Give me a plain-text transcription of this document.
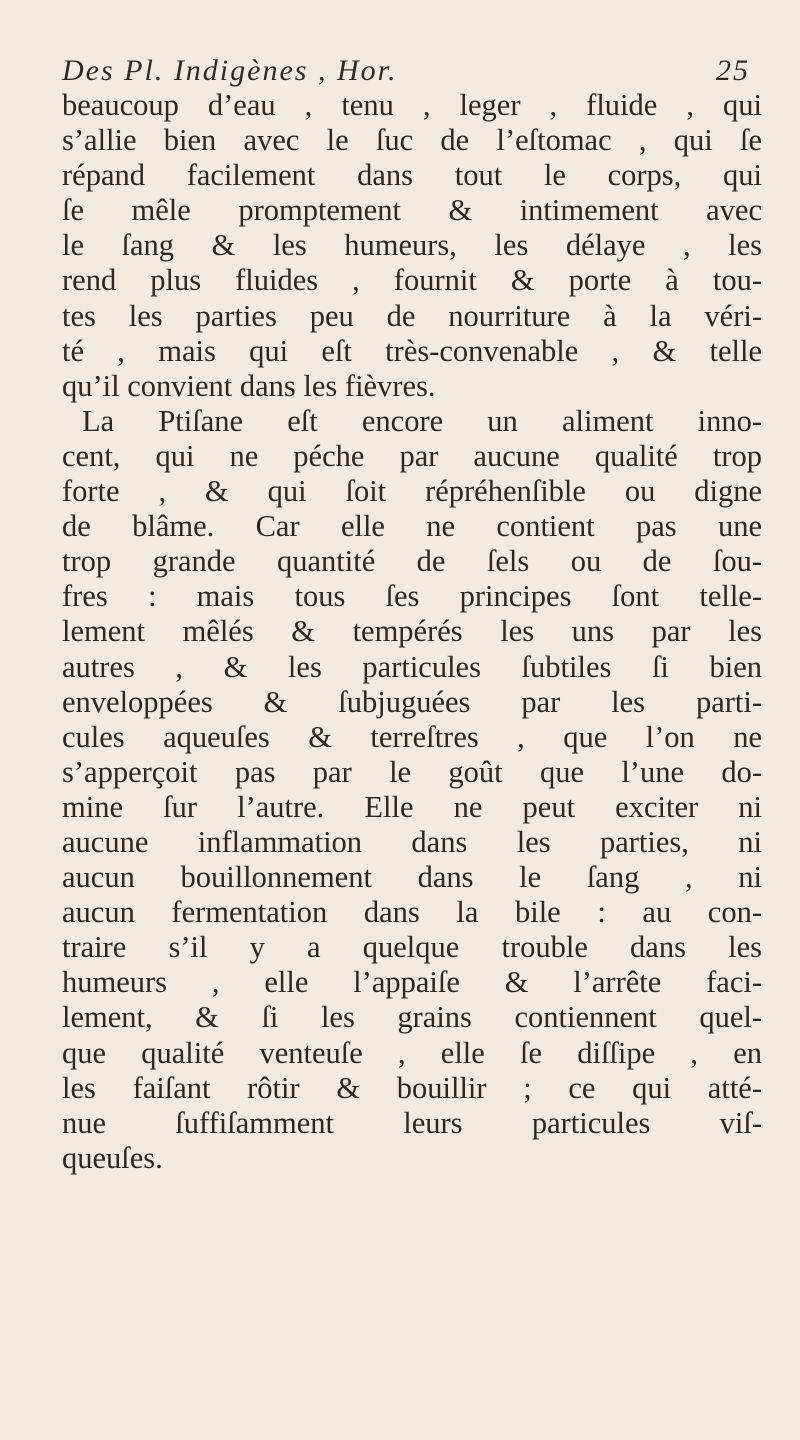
Des Pl. Indigènes , Hor.	25
beaucoup d’eau , tenu , leger , fluide , qui
s’allie bien avec le ſuc de l’eſtomac , qui ſe
répand facilement dans tout le corps, qui
ſe mêle promptement & intimement avec
le ſang & les humeurs, les délaye , les
rend plus fluides , fournit & porte à tou-
tes les parties peu de nourriture à la véri-
té , mais qui eſt très-convenable , & telle
qu’il convient dans les fièvres.
La Ptiſane eſt encore un aliment inno-
cent, qui ne péche par aucune qualité trop
forte , & qui ſoit répréhenſible ou digne
de blâme. Car elle ne contient pas une
trop grande quantité de ſels ou de ſou-
fres : mais tous ſes principes ſont telle-
lement mêlés & tempérés les uns par les
autres , & les particules ſubtiles ſi bien
enveloppées & ſubjuguées par les parti-
cules aqueuſes & terreſtres , que l’on ne
s’apperçoit pas par le goût que l’une do-
mine ſur l’autre. Elle ne peut exciter ni
aucune inflammation dans les parties, ni
aucun bouillonnement dans le ſang , ni
aucun fermentation dans la bile : au con-
traire s’il y a quelque trouble dans les
humeurs , elle l’appaiſe & l’arrête faci-
lement, & ſi les grains contiennent quel-
que qualité venteuſe , elle ſe diſſipe , en
les faiſant rôtir & bouillir ; ce qui atté-
nue ſuffiſamment leurs particules viſ-
queuſes.
